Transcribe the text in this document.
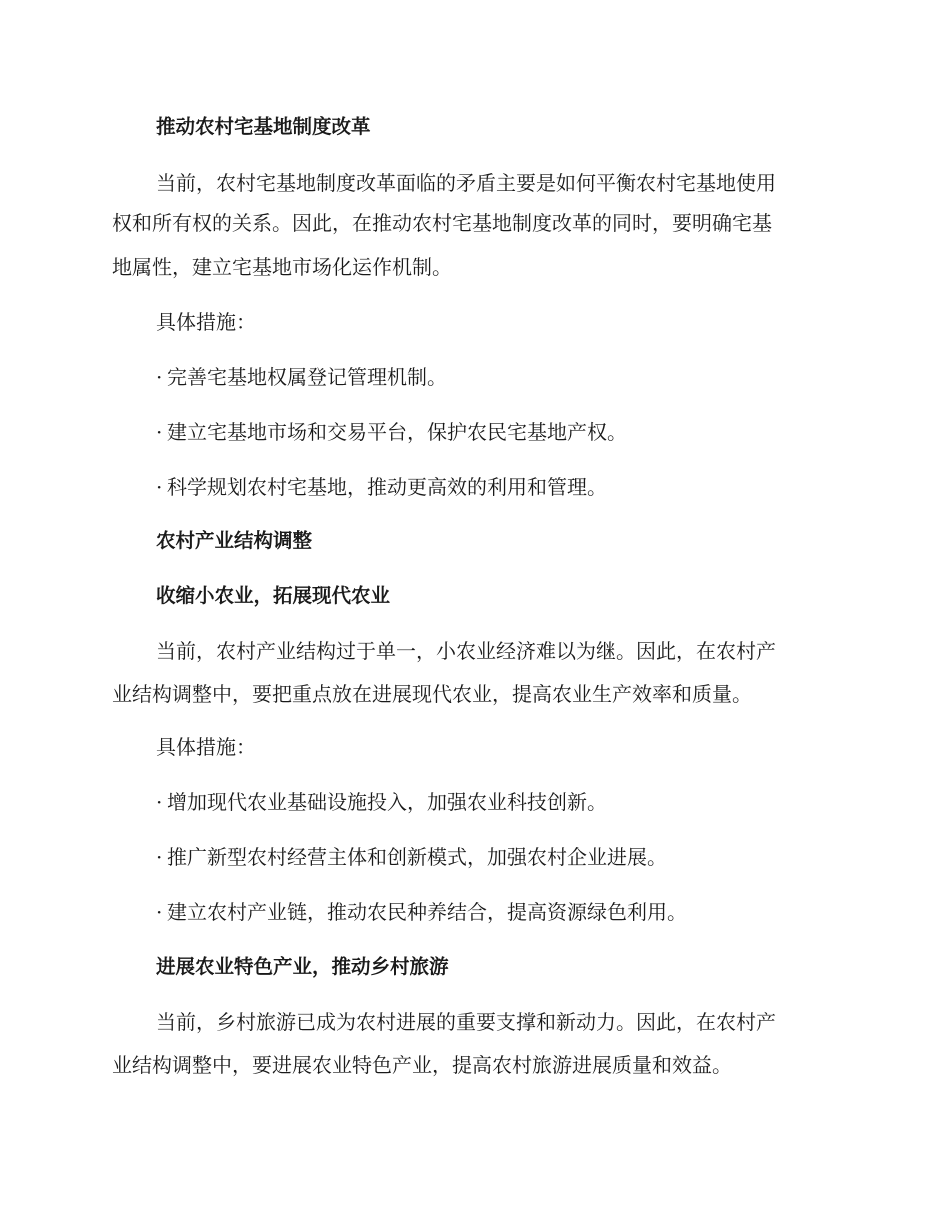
推动农村宅基地制度改革

当前，农村宅基地制度改革面临的矛盾主要是如何平衡农村宅基地使用

权和所有权的关系。因此，在推动农村宅基地制度改革的同时，要明确宅基

地属性，建立宅基地市场化运作机制。

具体措施：

· 完善宅基地权属登记管理机制。

· 建立宅基地市场和交易平台，保护农民宅基地产权。

· 科学规划农村宅基地，推动更高效的利用和管理。

农村产业结构调整

收缩小农业，拓展现代农业

当前，农村产业结构过于单一，小农业经济难以为继。因此，在农村产

业结构调整中，要把重点放在进展现代农业，提高农业生产效率和质量。

具体措施：

· 增加现代农业基础设施投入，加强农业科技创新。

· 推广新型农村经营主体和创新模式，加强农村企业进展。

· 建立农村产业链，推动农民种养结合，提高资源绿色利用。

进展农业特色产业，推动乡村旅游

当前，乡村旅游已成为农村进展的重要支撑和新动力。因此，在农村产

业结构调整中，要进展农业特色产业，提高农村旅游进展质量和效益。
